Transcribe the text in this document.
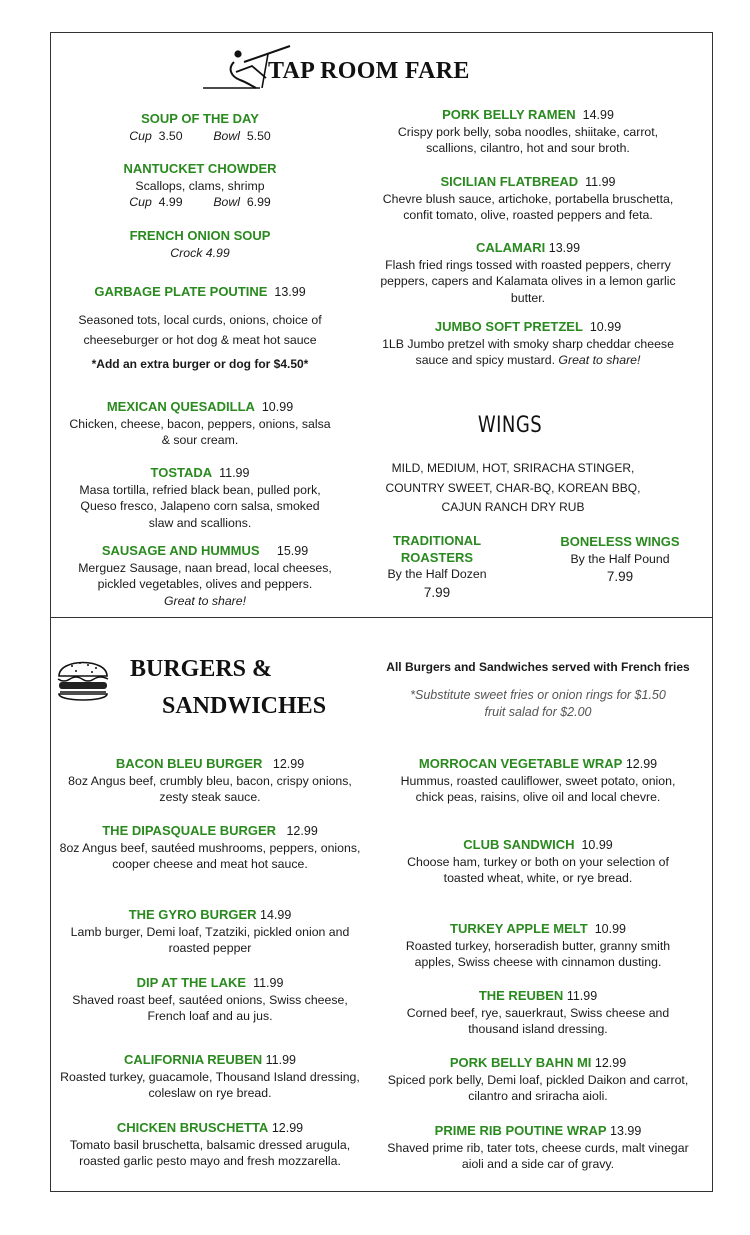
TAP ROOM FARE
SOUP OF THE DAY
Cup 3.50	Bowl 5.50
NANTUCKET CHOWDER
Scallops, clams, shrimp
Cup 4.99	Bowl 6.99
FRENCH ONION SOUP
Crock 4.99
GARBAGE PLATE POUTINE 13.99
Seasoned tots, local curds, onions, choice of
cheeseburger or hot dog & meat hot sauce
*Add an extra burger or dog for $4.50*
MEXICAN QUESADILLA 10.99
Chicken, cheese, bacon, peppers, onions, salsa
& sour cream.
TOSTADA 11.99
Masa tortilla, refried black bean, pulled pork,
Queso fresco, Jalapeno corn salsa, smoked
slaw and scallions.
SAUSAGE AND HUMMUS 15.99
Merguez Sausage, naan bread, local cheeses,
pickled vegetables, olives and peppers.
Great to share!
PORK BELLY RAMEN 14.99
Crispy pork belly, soba noodles, shiitake, carrot,
scallions, cilantro, hot and sour broth.
SICILIAN FLATBREAD 11.99
Chevre blush sauce, artichoke, portabella bruschetta,
confit tomato, olive, roasted peppers and feta.
CALAMARI 13.99
Flash fried rings tossed with roasted peppers, cherry
peppers, capers and Kalamata olives in a lemon garlic
butter.
JUMBO SOFT PRETZEL 10.99
1LB Jumbo pretzel with smoky sharp cheddar cheese
sauce and spicy mustard. Great to share!
WINGS
MILD, MEDIUM, HOT, SRIRACHA STINGER,
COUNTRY SWEET, CHAR-BQ, KOREAN BBQ,
CAJUN RANCH DRY RUB
TRADITIONAL ROASTERS
By the Half Dozen
7.99
BONELESS WINGS
By the Half Pound
7.99
BURGERS &
SANDWICHES
All Burgers and Sandwiches served with French fries
*Substitute sweet fries or onion rings for $1.50
fruit salad for $2.00
BACON BLEU BURGER 12.99
8oz Angus beef, crumbly bleu, bacon, crispy onions,
zesty steak sauce.
THE DIPASQUALE BURGER 12.99
8oz Angus beef, sautéed mushrooms, peppers, onions,
cooper cheese and meat hot sauce.
THE GYRO BURGER 14.99
Lamb burger, Demi loaf, Tzatziki, pickled onion and
roasted pepper
DIP AT THE LAKE 11.99
Shaved roast beef, sautéed onions, Swiss cheese,
French loaf and au jus.
CALIFORNIA REUBEN 11.99
Roasted turkey, guacamole, Thousand Island dressing,
coleslaw on rye bread.
CHICKEN BRUSCHETTA 12.99
Tomato basil bruschetta, balsamic dressed arugula,
roasted garlic pesto mayo and fresh mozzarella.
MORROCAN VEGETABLE WRAP 12.99
Hummus, roasted cauliflower, sweet potato, onion,
chick peas, raisins, olive oil and local chevre.
CLUB SANDWICH 10.99
Choose ham, turkey or both on your selection of
toasted wheat, white, or rye bread.
TURKEY APPLE MELT 10.99
Roasted turkey, horseradish butter, granny smith
apples, Swiss cheese with cinnamon dusting.
THE REUBEN 11.99
Corned beef, rye, sauerkraut, Swiss cheese and
thousand island dressing.
PORK BELLY BAHN MI 12.99
Spiced pork belly, Demi loaf, pickled Daikon and carrot,
cilantro and sriracha aioli.
PRIME RIB POUTINE WRAP 13.99
Shaved prime rib, tater tots, cheese curds, malt vinegar
aioli and a side car of gravy.
